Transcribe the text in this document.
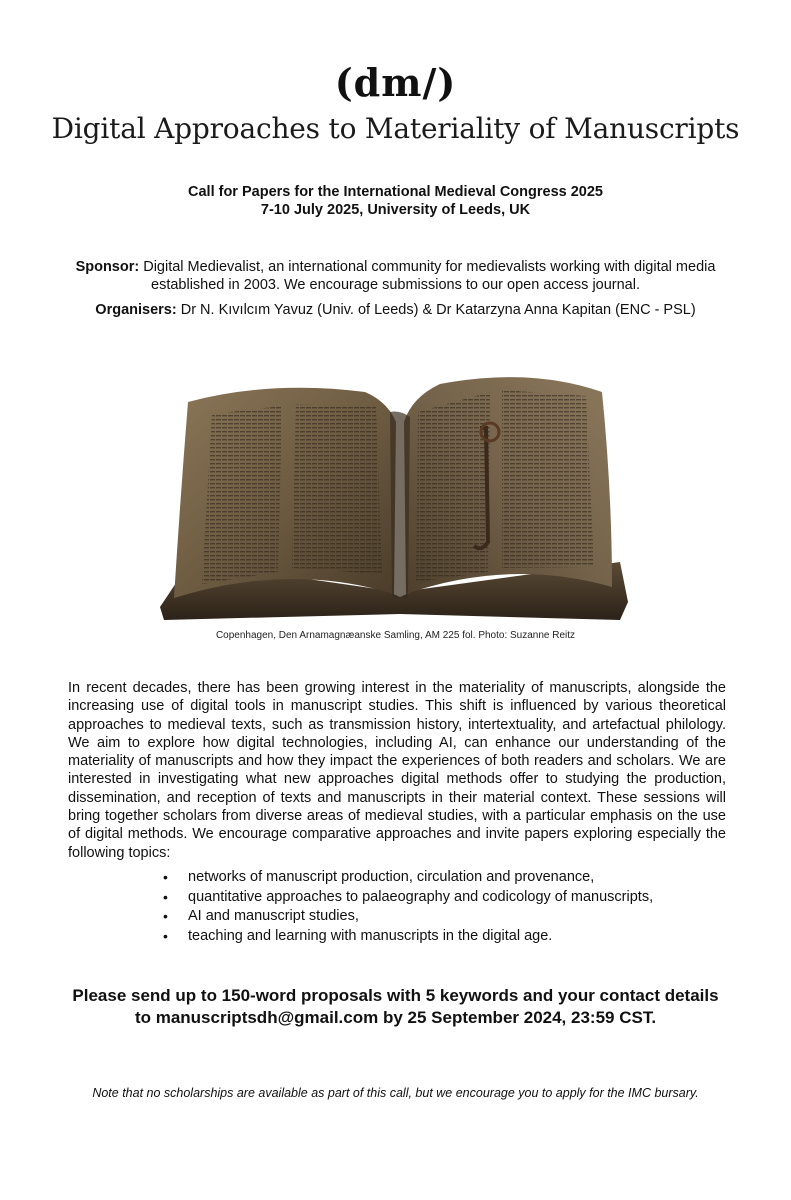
(dm/)
Digital Approaches to Materiality of Manuscripts
Call for Papers for the International Medieval Congress 2025
7-10 July 2025, University of Leeds, UK
Sponsor: Digital Medievalist, an international community for medievalists working with digital media established in 2003. We encourage submissions to our open access journal.
Organisers: Dr N. Kıvılcım Yavuz (Univ. of Leeds) & Dr Katarzyna Anna Kapitan (ENC - PSL)
Copenhagen, Den Arnamagnæanske Samling, AM 225 fol. Photo: Suzanne Reitz
In recent decades, there has been growing interest in the materiality of manuscripts, alongside the increasing use of digital tools in manuscript studies. This shift is influenced by various theoretical approaches to medieval texts, such as transmission history, intertextuality, and artefactual philology. We aim to explore how digital technologies, including AI, can enhance our understanding of the materiality of manuscripts and how they impact the experiences of both readers and scholars. We are interested in investigating what new approaches digital methods offer to studying the production, dissemination, and reception of texts and manuscripts in their material context. These sessions will bring together scholars from diverse areas of medieval studies, with a particular emphasis on the use of digital methods. We encourage comparative approaches and invite papers exploring especially the following topics:
• networks of manuscript production, circulation and provenance,
• quantitative approaches to palaeography and codicology of manuscripts,
• AI and manuscript studies,
• teaching and learning with manuscripts in the digital age.
Please send up to 150-word proposals with 5 keywords and your contact details
to manuscriptsdh@gmail.com by 25 September 2024, 23:59 CST.
Note that no scholarships are available as part of this call, but we encourage you to apply for the IMC bursary.
